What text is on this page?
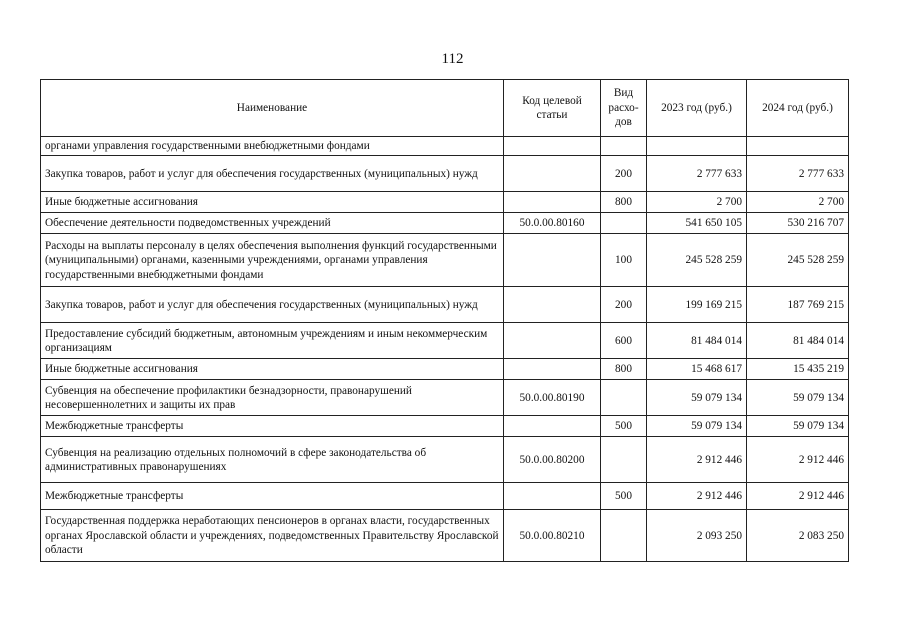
112
Наименование	Код целевой статьи	Вид расхо-дов	2023 год (руб.)	2024 год (руб.)
органами управления государственными внебюджетными фондами				
Закупка товаров, работ и услуг для обеспечения государственных (муниципальных) нужд		200	2 777 633	2 777 633
Иные бюджетные ассигнования		800	2 700	2 700
Обеспечение деятельности подведомственных учреждений	50.0.00.80160		541 650 105	530 216 707
Расходы на выплаты персоналу в целях обеспечения выполнения функций государственными (муниципальными) органами, казенными учреждениями, органами управления государственными внебюджетными фондами		100	245 528 259	245 528 259
Закупка товаров, работ и услуг для обеспечения государственных (муниципальных) нужд		200	199 169 215	187 769 215
Предоставление субсидий бюджетным, автономным учреждениям и иным некоммерческим организациям		600	81 484 014	81 484 014
Иные бюджетные ассигнования		800	15 468 617	15 435 219
Субвенция на обеспечение профилактики безнадзорности, правонарушений несовершеннолетних и защиты их прав	50.0.00.80190		59 079 134	59 079 134
Межбюджетные трансферты		500	59 079 134	59 079 134
Субвенция на реализацию отдельных полномочий в сфере законодательства об административных правонарушениях	50.0.00.80200		2 912 446	2 912 446
Межбюджетные трансферты		500	2 912 446	2 912 446
Государственная поддержка неработающих пенсионеров в органах власти, государственных органах Ярославской области и учреждениях, подведомственных Правительству Ярославской области	50.0.00.80210		2 093 250	2 083 250
